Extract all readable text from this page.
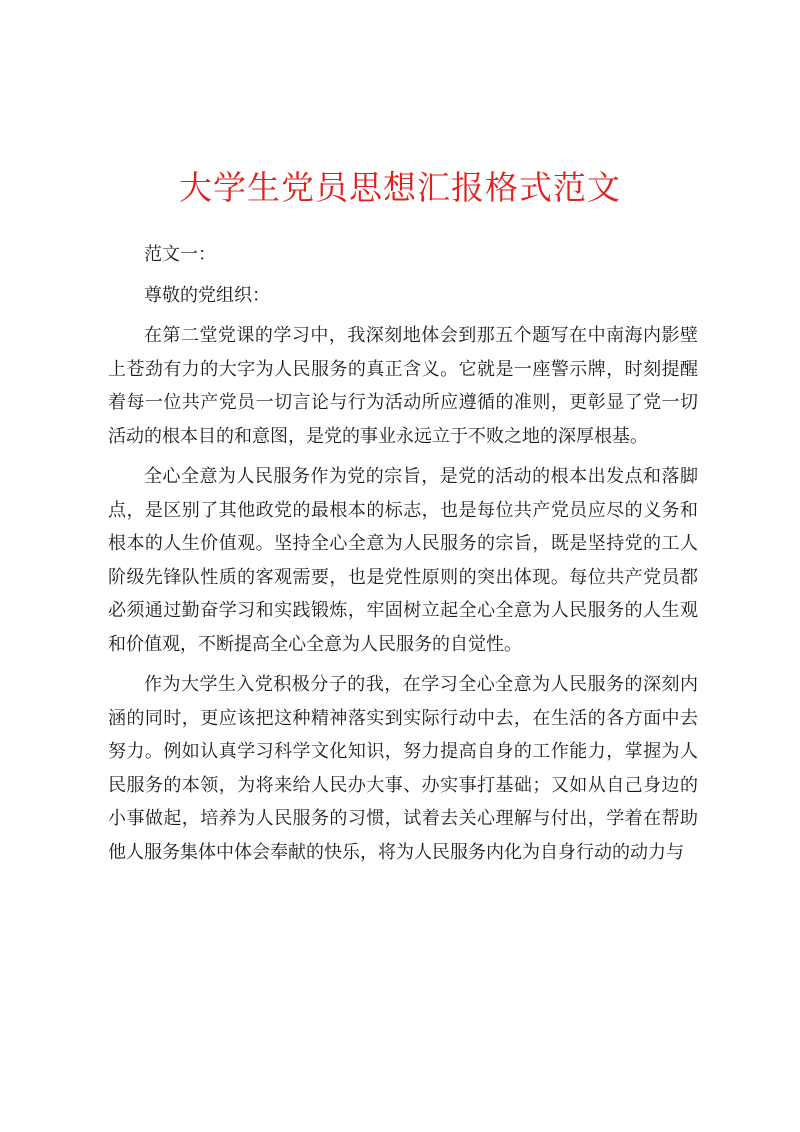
大学生党员思想汇报格式范文

范文一：

尊敬的党组织：

在第二堂党课的学习中，我深刻地体会到那五个题写在中南海内影壁上苍劲有力的大字为人民服务的真正含义。它就是一座警示牌，时刻提醒着每一位共产党员一切言论与行为活动所应遵循的准则，更彰显了党一切活动的根本目的和意图，是党的事业永远立于不败之地的深厚根基。

全心全意为人民服务作为党的宗旨，是党的活动的根本出发点和落脚点，是区别了其他政党的最根本的标志，也是每位共产党员应尽的义务和根本的人生价值观。坚持全心全意为人民服务的宗旨，既是坚持党的工人阶级先锋队性质的客观需要，也是党性原则的突出体现。每位共产党员都必须通过勤奋学习和实践锻炼，牢固树立起全心全意为人民服务的人生观和价值观，不断提高全心全意为人民服务的自觉性。

作为大学生入党积极分子的我，在学习全心全意为人民服务的深刻内涵的同时，更应该把这种精神落实到实际行动中去，在生活的各方面中去努力。例如认真学习科学文化知识，努力提高自身的工作能力，掌握为人民服务的本领，为将来给人民办大事、办实事打基础；又如从自己身边的小事做起，培养为人民服务的习惯，试着去关心理解与付出，学着在帮助他人服务集体中体会奉献的快乐，将为人民服务内化为自身行动的动力与
